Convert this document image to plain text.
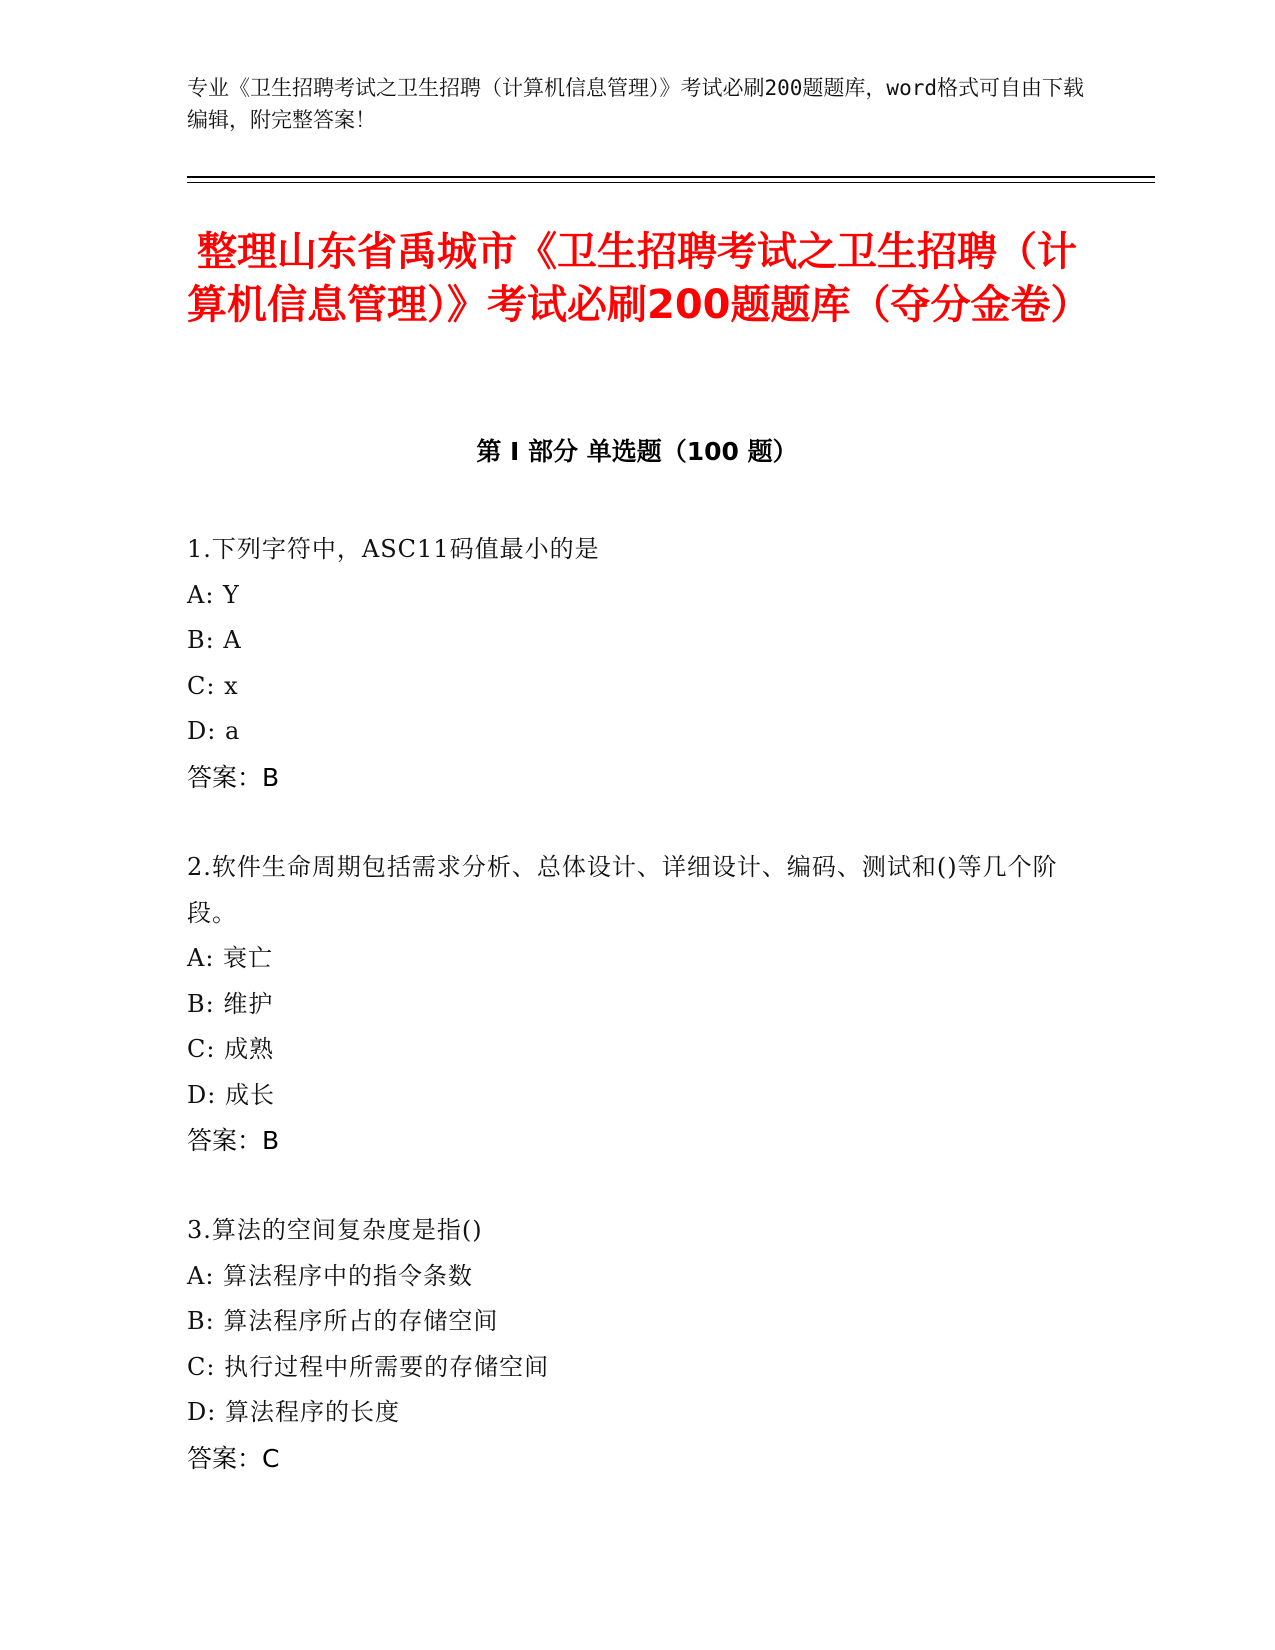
专业《卫生招聘考试之卫生招聘（计算机信息管理）》考试必刷200题题库，word格式可自由下载编辑，附完整答案！

整理山东省禹城市《卫生招聘考试之卫生招聘（计算机信息管理）》考试必刷200题题库（夺分金卷）
第 I 部分 单选题（100 题）

1.下列字符中，ASC11码值最小的是

A: Y

B: A

C: x

D: a

答案：B

2.软件生命周期包括需求分析、总体设计、详细设计、编码、测试和()等几个阶段。

A: 衰亡

B: 维护

C: 成熟

D: 成长

答案：B

3.算法的空间复杂度是指()

A: 算法程序中的指令条数

B: 算法程序所占的存储空间

C: 执行过程中所需要的存储空间

D: 算法程序的长度

答案：C
